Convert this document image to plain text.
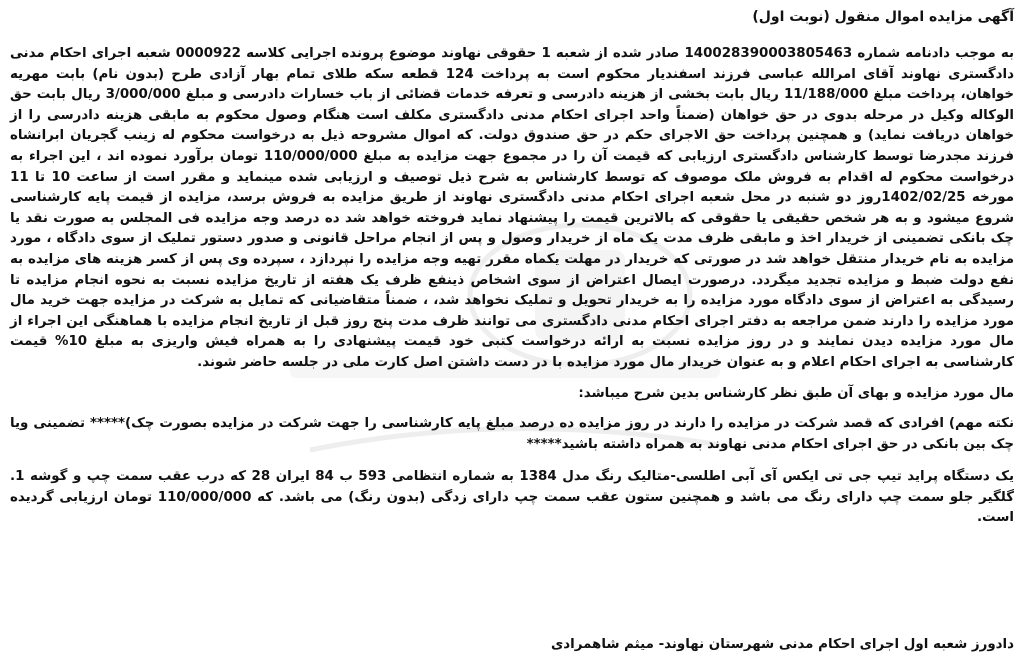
آگهی مزایده اموال منقول (نوبت اول)

به موجب دادنامه شماره 140028390003805463 صادر شده از شعبه 1 حقوقی نهاوند موضوع پرونده اجرایی کلاسه 0000922 شعبه اجرای احکام مدنی دادگستری نهاوند آقای امرالله عباسی فرزند اسفندیار محکوم است به پرداخت 124 قطعه سکه طلای تمام بهار آزادی طرح (بدون نام) بابت مهریه خواهان، پرداخت مبلغ 11/188/000 ریال بابت بخشی از هزینه دادرسی و تعرفه خدمات قضائی از باب خسارات دادرسی و مبلغ 3/000/000 ریال بابت حق الوکاله وکیل در مرحله بدوی در حق خواهان (ضمناً واحد اجرای احکام مدنی دادگستری مکلف است هنگام وصول محکوم به مابقی هزینه دادرسی را از خواهان دریافت نماید) و همچنین پرداخت حق الاجرای حکم در حق صندوق دولت. که اموال مشروحه ذیل به درخواست محکوم له زینب گجریان ابرانشاه فرزند مجدرضا توسط کارشناس دادگستری ارزیابی که قیمت آن را در مجموع جهت مزایده به مبلغ 110/000/000 تومان برآورد نموده اند ، این اجراء به درخواست محکوم له اقدام به فروش ملک موصوف که توسط کارشناس به شرح ذیل توصیف و ارزیابی شده مینماید و مقرر است از ساعت 10 تا 11 مورخه 1402/02/25روز دو شنبه در محل شعبه اجرای احکام مدنی دادگستری نهاوند از طریق مزایده به فروش برسد، مزایده از قیمت پایه کارشناسی شروع میشود و به هر شخص حقیقی یا حقوقی که بالاترین قیمت را پیشنهاد نماید فروخته خواهد شد ده درصد وجه مزایده فی المجلس به صورت نقد یا چک بانکی تضمینی از خریدار اخذ و مابقی ظرف مدت یک ماه از خریدار وصول و پس از انجام مراحل قانونی و صدور دستور تملیک از سوی دادگاه ، مورد مزایده به نام خریدار منتقل خواهد شد در صورتی که خریدار در مهلت یکماه مقرر تهیه وجه مزایده را نپردازد ، سپرده وی پس از کسر هزینه های مزایده به نفع دولت ضبط و مزایده تجدید میگردد. درصورت ایصال اعتراض از سوی اشخاص ذینفع ظرف یک هفته از تاریخ مزایده نسبت به نحوه انجام مزایده تا رسیدگی به اعتراض از سوی دادگاه مورد مزایده را به خریدار تحویل و تملیک نخواهد شد، ، ضمناً متقاضیانی که تمایل به شرکت در مزایده جهت خرید مال مورد مزایده را دارند ضمن مراجعه به دفتر اجرای احکام مدنی دادگستری می توانند ظرف مدت پنج روز قبل از تاریخ انجام مزایده با هماهنگی این اجراء از مال مورد مزایده دیدن نمایند و در روز مزایده نسبت به ارائه درخواست کتبی خود قیمت پیشنهادی را به همراه فیش واریزی به مبلغ 10% قیمت کارشناسی به اجرای احکام اعلام و به عنوان خریدار مال مورد مزایده با در دست داشتن اصل کارت ملی در جلسه حاضر شوند.

مال مورد مزایده و بهای آن طبق نظر کارشناس بدین شرح میباشد:

نکته مهم) افرادی که قصد شرکت در مزایده را دارند در روز مزایده ده درصد مبلغ پایه کارشناسی را جهت شرکت در مزایده بصورت چک)***** تضمینی ویا چک بین بانکی در حق اجرای احکام مدنی نهاوند به همراه داشته باشید*****

یک دستگاه پراید تیپ جی تی ایکس آی آبی اطلسی-متالیک رنگ مدل 1384 به شماره انتظامی 593 ب 84 ایران 28 که درب عقب سمت چپ و گوشه 1. گلگیر جلو سمت چپ دارای رنگ می باشد و همچنین ستون عقب سمت چپ دارای زدگی (بدون رنگ) می باشد. که 110/000/000 تومان ارزیابی گردیده است.

دادورز شعبه اول اجرای احکام مدنی شهرستان نهاوند- میثم شاهمرادی
